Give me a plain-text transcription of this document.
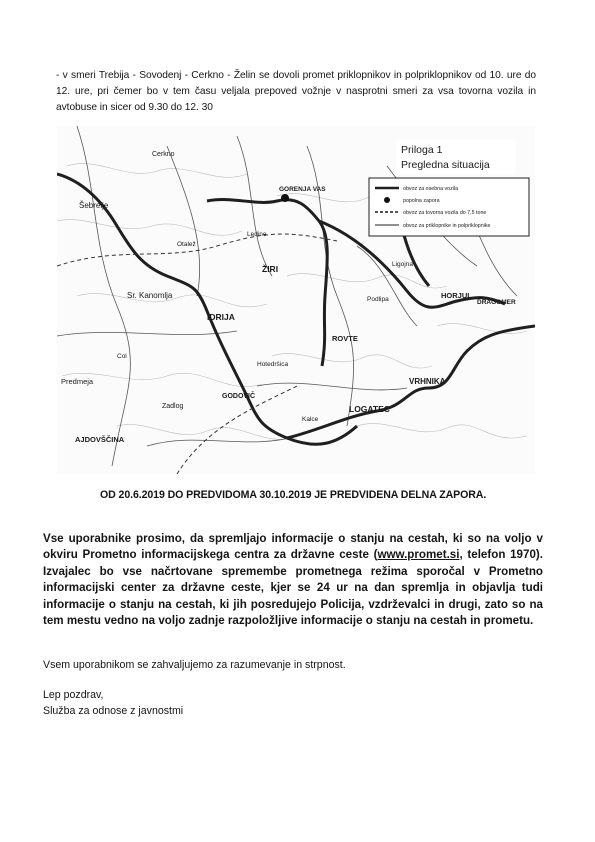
- v smeri Trebija - Sovodenj - Cerkno - Želin se dovoli promet priklopnikov in polpriklopnikov od 10. ure do 12. ure, pri čemer bo v tem času veljala prepoved vožnje v nasprotni smeri za vsa tovorna vozila in avtobuse in sicer od 9.30 do 12. 30
Priloga 1
Pregledna situacija
obvoz za osebna vozila
popolna zapora
obvoz za tovorna vozila do 7,5 tone
obvoz za priklopnike in polpriklopnike
Šebrelje
Sr. Kanomlja
IDRIJA
ŽIRI
ROVTE
LOGATEC
VRHNIKA
HORJUL
DRAGOMER
Predmeja
AJDOVŠČINA
GODOVIČ
Zadlog
GORENJA VAS
Cerkno
Otalež
Ledine
Kalce
Ligojna
Podlipa
Col
Hotedršica
OD 20.6.2019 DO PREDVIDOMA 30.10.2019 JE PREDVIDENA DELNA ZAPORA.
Vse uporabnike prosimo, da spremljajo informacije o stanju na cestah, ki so na voljo v okviru Prometno informacijskega centra za državne ceste (www.promet.si, telefon 1970). Izvajalec bo vse načrtovane spremembe prometnega režima sporočal v Prometno informacijski center za državne ceste, kjer se 24 ur na dan spremlja in objavlja tudi informacije o stanju na cestah, ki jih posredujejo Policija, vzdrževalci in drugi, zato so na tem mestu vedno na voljo zadnje razpoložljive informacije o stanju na cestah in prometu.
Vsem uporabnikom se zahvaljujemo za razumevanje in strpnost.
Lep pozdrav,
Služba za odnose z javnostmi
